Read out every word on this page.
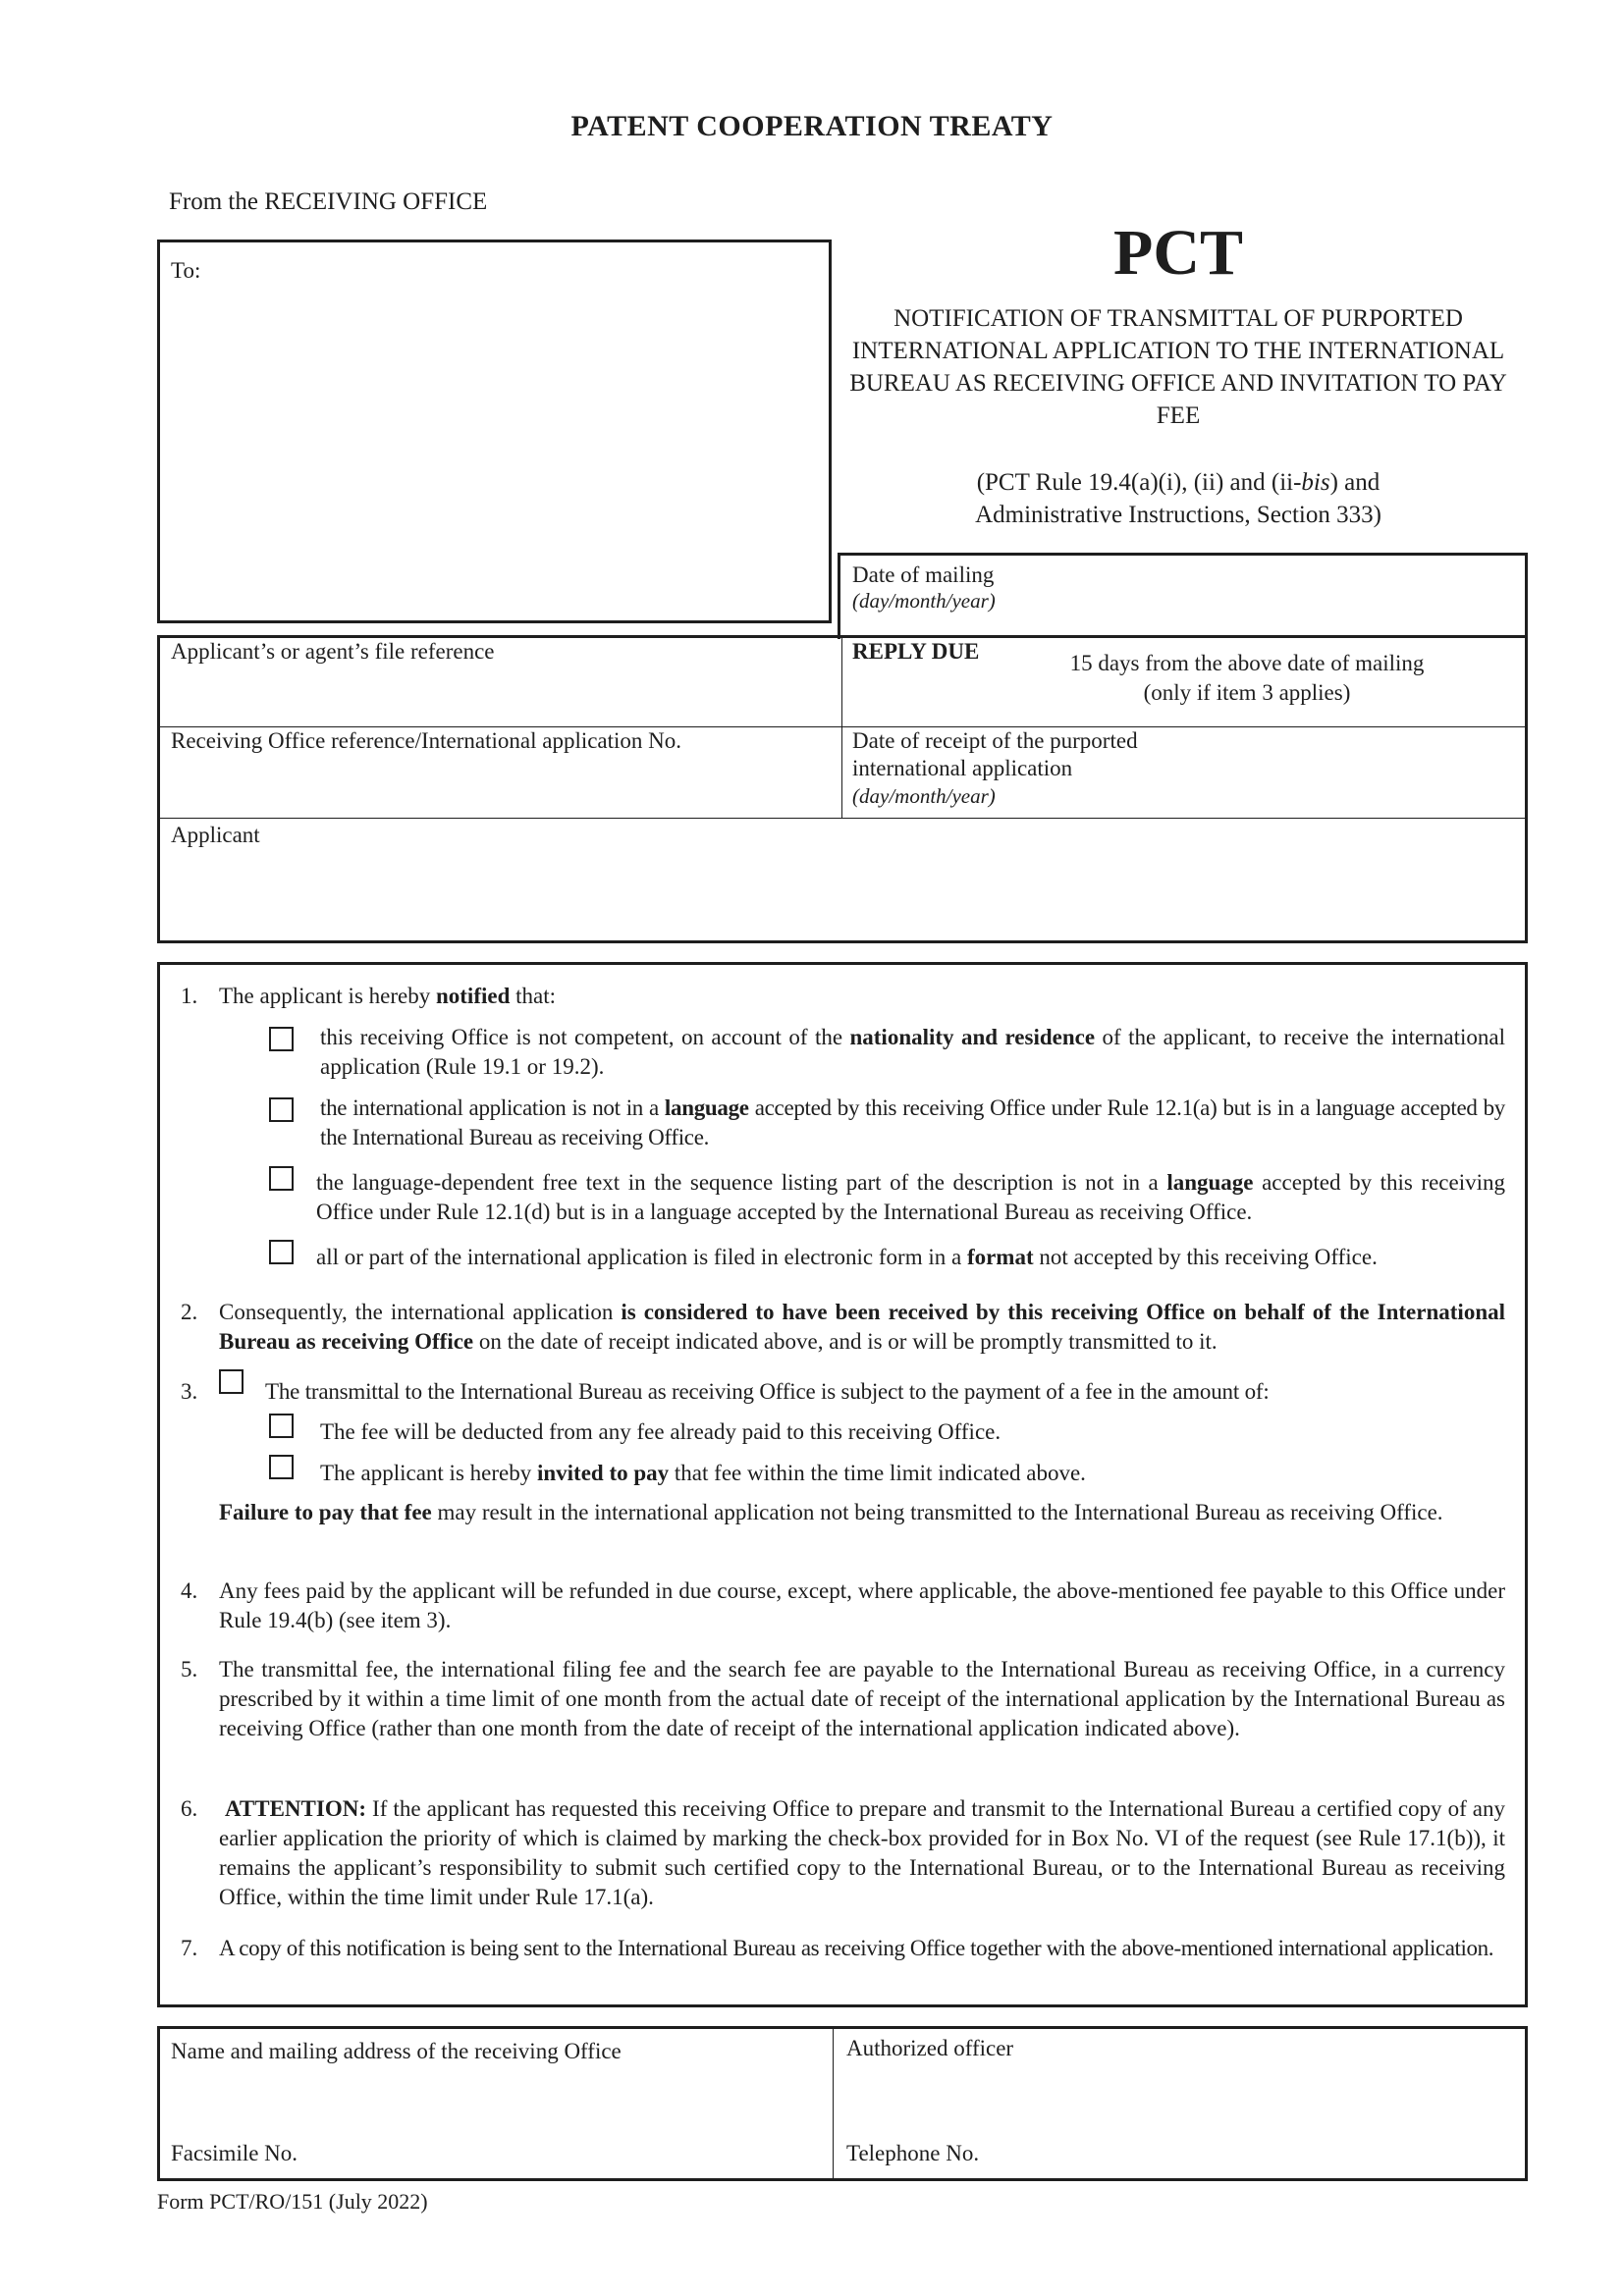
PATENT COOPERATION TREATY
From the RECEIVING OFFICE
To:	PCT
NOTIFICATION OF TRANSMITTAL OF PURPORTED INTERNATIONAL APPLICATION TO THE INTERNATIONAL BUREAU AS RECEIVING OFFICE AND INVITATION TO PAY FEE
(PCT Rule 19.4(a)(i), (ii) and (ii-bis) and
Administrative Instructions, Section 333)
Date of mailing
(day/month/year)
Applicant’s or agent’s file reference	REPLY DUE	15 days from the above date of mailing
(only if item 3 applies)
Receiving Office reference/International application No.	Date of receipt of the purported
international application
(day/month/year)
Applicant
1. The applicant is hereby notified that:
this receiving Office is not competent, on account of the nationality and residence of the applicant, to receive the international application (Rule 19.1 or 19.2).
the international application is not in a language accepted by this receiving Office under Rule 12.1(a) but is in a language accepted by the International Bureau as receiving Office.
the language-dependent free text in the sequence listing part of the description is not in a language accepted by this receiving Office under Rule 12.1(d) but is in a language accepted by the International Bureau as receiving Office.
all or part of the international application is filed in electronic form in a format not accepted by this receiving Office.
2. Consequently, the international application is considered to have been received by this receiving Office on behalf of the International Bureau as receiving Office on the date of receipt indicated above, and is or will be promptly transmitted to it.
3.	The transmittal to the International Bureau as receiving Office is subject to the payment of a fee in the amount of:
The fee will be deducted from any fee already paid to this receiving Office.
The applicant is hereby invited to pay that fee within the time limit indicated above.
Failure to pay that fee may result in the international application not being transmitted to the International Bureau as receiving Office.
4. Any fees paid by the applicant will be refunded in due course, except, where applicable, the above-mentioned fee payable to this Office under Rule 19.4(b) (see item 3).
5. The transmittal fee, the international filing fee and the search fee are payable to the International Bureau as receiving Office, in a currency prescribed by it within a time limit of one month from the actual date of receipt of the international application by the International Bureau as receiving Office (rather than one month from the date of receipt of the international application indicated above).
6. ATTENTION: If the applicant has requested this receiving Office to prepare and transmit to the International Bureau a certified copy of any earlier application the priority of which is claimed by marking the check-box provided for in Box No. VI of the request (see Rule 17.1(b)), it remains the applicant’s responsibility to submit such certified copy to the International Bureau, or to the International Bureau as receiving Office, within the time limit under Rule 17.1(a).
7. A copy of this notification is being sent to the International Bureau as receiving Office together with the above-mentioned international application.
Name and mailing address of the receiving Office
Facsimile No.
Authorized officer
Telephone No.
Form PCT/RO/151 (July 2022)
